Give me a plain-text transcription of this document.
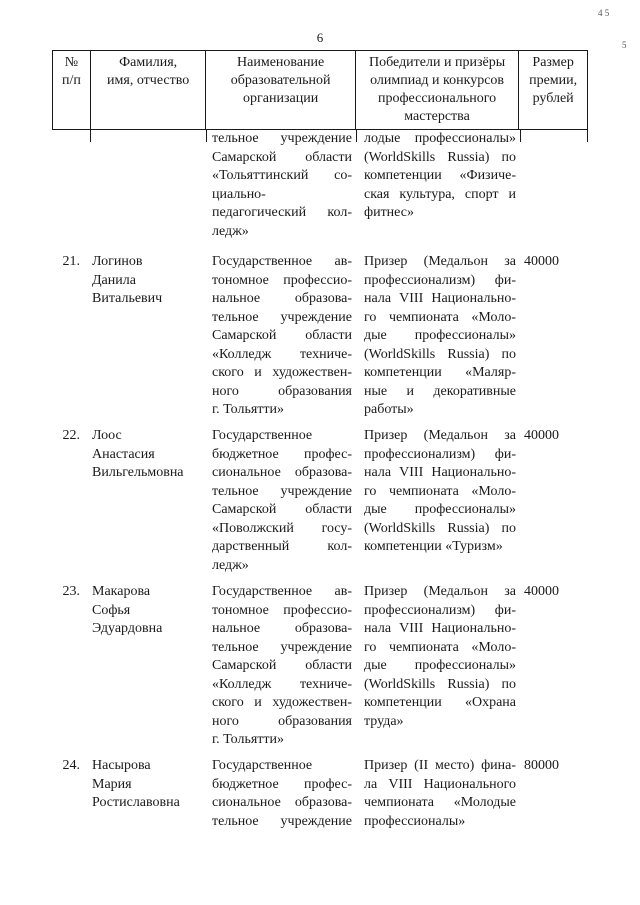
6
4 5
5
№
п/п
Фамилия,
имя, отчество
Наименование
образовательной
организации
Победители и призёры
олимпиад и конкурсов
профессионального
мастерства
Размер
премии,
рублей
тельное учреждение
Самарской области
«Тольяттинский со-
циально-
педагогический кол-
ледж»
лодые профессионалы»
(WorldSkills Russia) по
компетенции «Физиче-
ская культура, спорт и
фитнес»
21. Логинов
Данила
Витальевич
Государственное ав-
тономное профессио-
нальное образова-
тельное учреждение
Самарской области
«Колледж техниче-
ского и художествен-
ного образования
г. Тольятти»
Призер (Медальон за
профессионализм) фи-
нала VIII Национально-
го чемпионата «Моло-
дые профессионалы»
(WorldSkills Russia) по
компетенции «Маляр-
ные и декоративные
работы»
40000
22. Лоос
Анастасия
Вильгельмовна
Государственное
бюджетное профес-
сиональное образова-
тельное учреждение
Самарской области
«Поволжский госу-
дарственный кол-
ледж»
Призер (Медальон за
профессионализм) фи-
нала VIII Национально-
го чемпионата «Моло-
дые профессионалы»
(WorldSkills Russia) по
компетенции «Туризм»
40000
23. Макарова
Софья
Эдуардовна
Государственное ав-
тономное профессио-
нальное образова-
тельное учреждение
Самарской области
«Колледж техниче-
ского и художествен-
ного образования
г. Тольятти»
Призер (Медальон за
профессионализм) фи-
нала VIII Национально-
го чемпионата «Моло-
дые профессионалы»
(WorldSkills Russia) по
компетенции «Охрана
труда»
40000
24. Насырова
Мария
Ростиславовна
Государственное
бюджетное профес-
сиональное образова-
тельное учреждение
Призер (II место) фина-
ла VIII Национального
чемпионата «Молодые
профессионалы»
80000
